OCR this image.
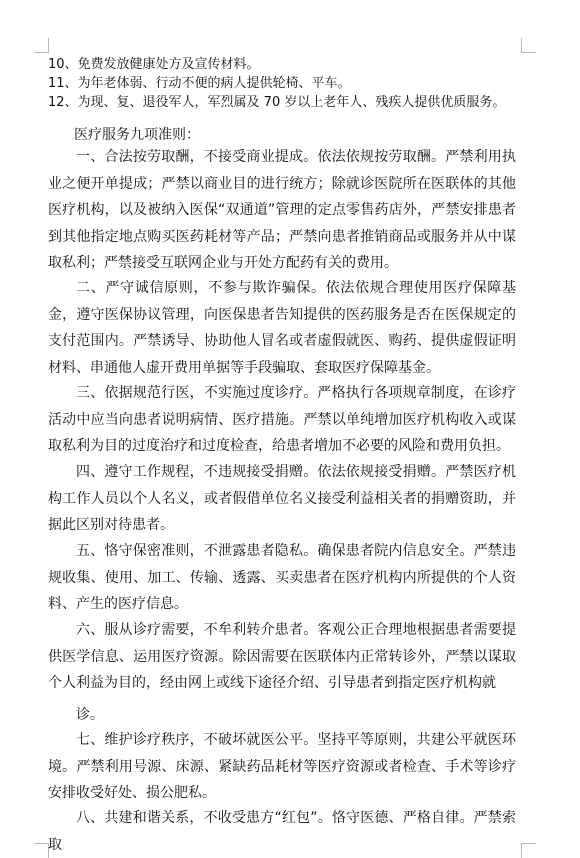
10、免费发放健康处方及宣传材料。
11、为年老体弱、行动不便的病人提供轮椅、平车。
12、为现、复、退役军人，军烈属及 70 岁以上老年人、残疾人提供优质服务。
医疗服务九项准则：

一、合法按劳取酬，不接受商业提成。依法依规按劳取酬。严禁利用执业之便开单提成；严禁以商业目的进行统方；除就诊医院所在医联体的其他医疗机构，以及被纳入医保“双通道”管理的定点零售药店外，严禁安排患者到其他指定地点购买医药耗材等产品；严禁向患者推销商品或服务并从中谋取私利；严禁接受互联网企业与开处方配药有关的费用。

二、严守诚信原则，不参与欺诈骗保。依法依规合理使用医疗保障基金，遵守医保协议管理，向医保患者告知提供的医药服务是否在医保规定的支付范围内。严禁诱导、协助他人冒名或者虚假就医、购药、提供虚假证明材料、串通他人虚开费用单据等手段骗取、套取医疗保障基金。

三、依据规范行医，不实施过度诊疗。严格执行各项规章制度，在诊疗活动中应当向患者说明病情、医疗措施。严禁以单纯增加医疗机构收入或谋取私利为目的过度治疗和过度检查，给患者增加不必要的风险和费用负担。

四、遵守工作规程，不违规接受捐赠。依法依规接受捐赠。严禁医疗机构工作人员以个人名义，或者假借单位名义接受利益相关者的捐赠资助，并据此区别对待患者。

五、恪守保密准则，不泄露患者隐私。确保患者院内信息安全。严禁违规收集、使用、加工、传输、透露、买卖患者在医疗机构内所提供的个人资料、产生的医疗信息。

六、服从诊疗需要，不牟利转介患者。客观公正合理地根据患者需要提供医学信息、运用医疗资源。除因需要在医联体内正常转诊外，严禁以谋取个人利益为目的，经由网上或线下途径介绍、引导患者到指定医疗机构就

诊。

七、维护诊疗秩序，不破坏就医公平。坚持平等原则，共建公平就医环境。严禁利用号源、床源、紧缺药品耗材等医疗资源或者检查、手术等诊疗安排收受好处、损公肥私。

八、共建和谐关系，不收受患方“红包”。恪守医德、严格自律。严禁索取
